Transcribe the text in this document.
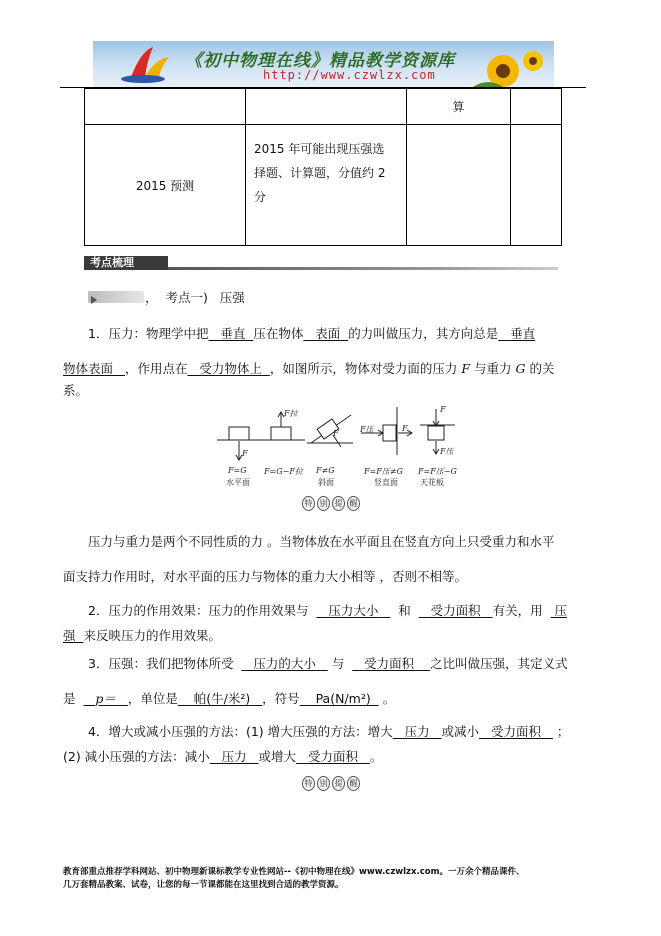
《初中物理在线》精品教学资源库
http://www.czwlzx.com
		算	
2015 预测	2015 年可能出现压强选
择题、计算题，分值约 2
分		

考点梳理
， 考点一) 压强
1．压力：物理学中把 垂直 压在物体 表面 的力叫做压力，其方向总是 垂直
物体表面 ，作用点在 受力物体上 ，如图所示，物体对受力面的压力 F 与重力 G 的关
系。
F
F拉
F	F压	F
F
F压
F=G
水平面
F=G−F拉 F≠G
斜面
F=F压≠G
竖直面
F=F压−G
天花板
特 别 提 醒
压力与重力是两个不同性质的力 。当物体放在水平面且在竖直方向上只受重力和水平
面支持力作用时，对水平面的压力与物体的重力大小相等 ，否则不相等。
2．压力的作用效果：压力的作用效果与 压力大小 和 受力面积 有关，用 压
强 来反映压力的作用效果。
3．压强：我们把物体所受 压力的大小 与 受力面积 之比叫做压强，其定义式
是 p＝ ，单位是 帕(牛/米²) ，符号 Pa(N/m²) 。
4．增大或减小压强的方法：(1) 增大压强的方法：增大 压力 或减小 受力面积 ；
(2) 减小压强的方法：减小 压力 或增大 受力面积 。
特 别 提 醒
教育部重点推荐学科网站、初中物理新课标教学专业性网站--《初中物理在线》www.czwlzx.com。一万余个精品课件、
几万套精品教案、试卷，让您的每一节课都能在这里找到合适的教学资源。
